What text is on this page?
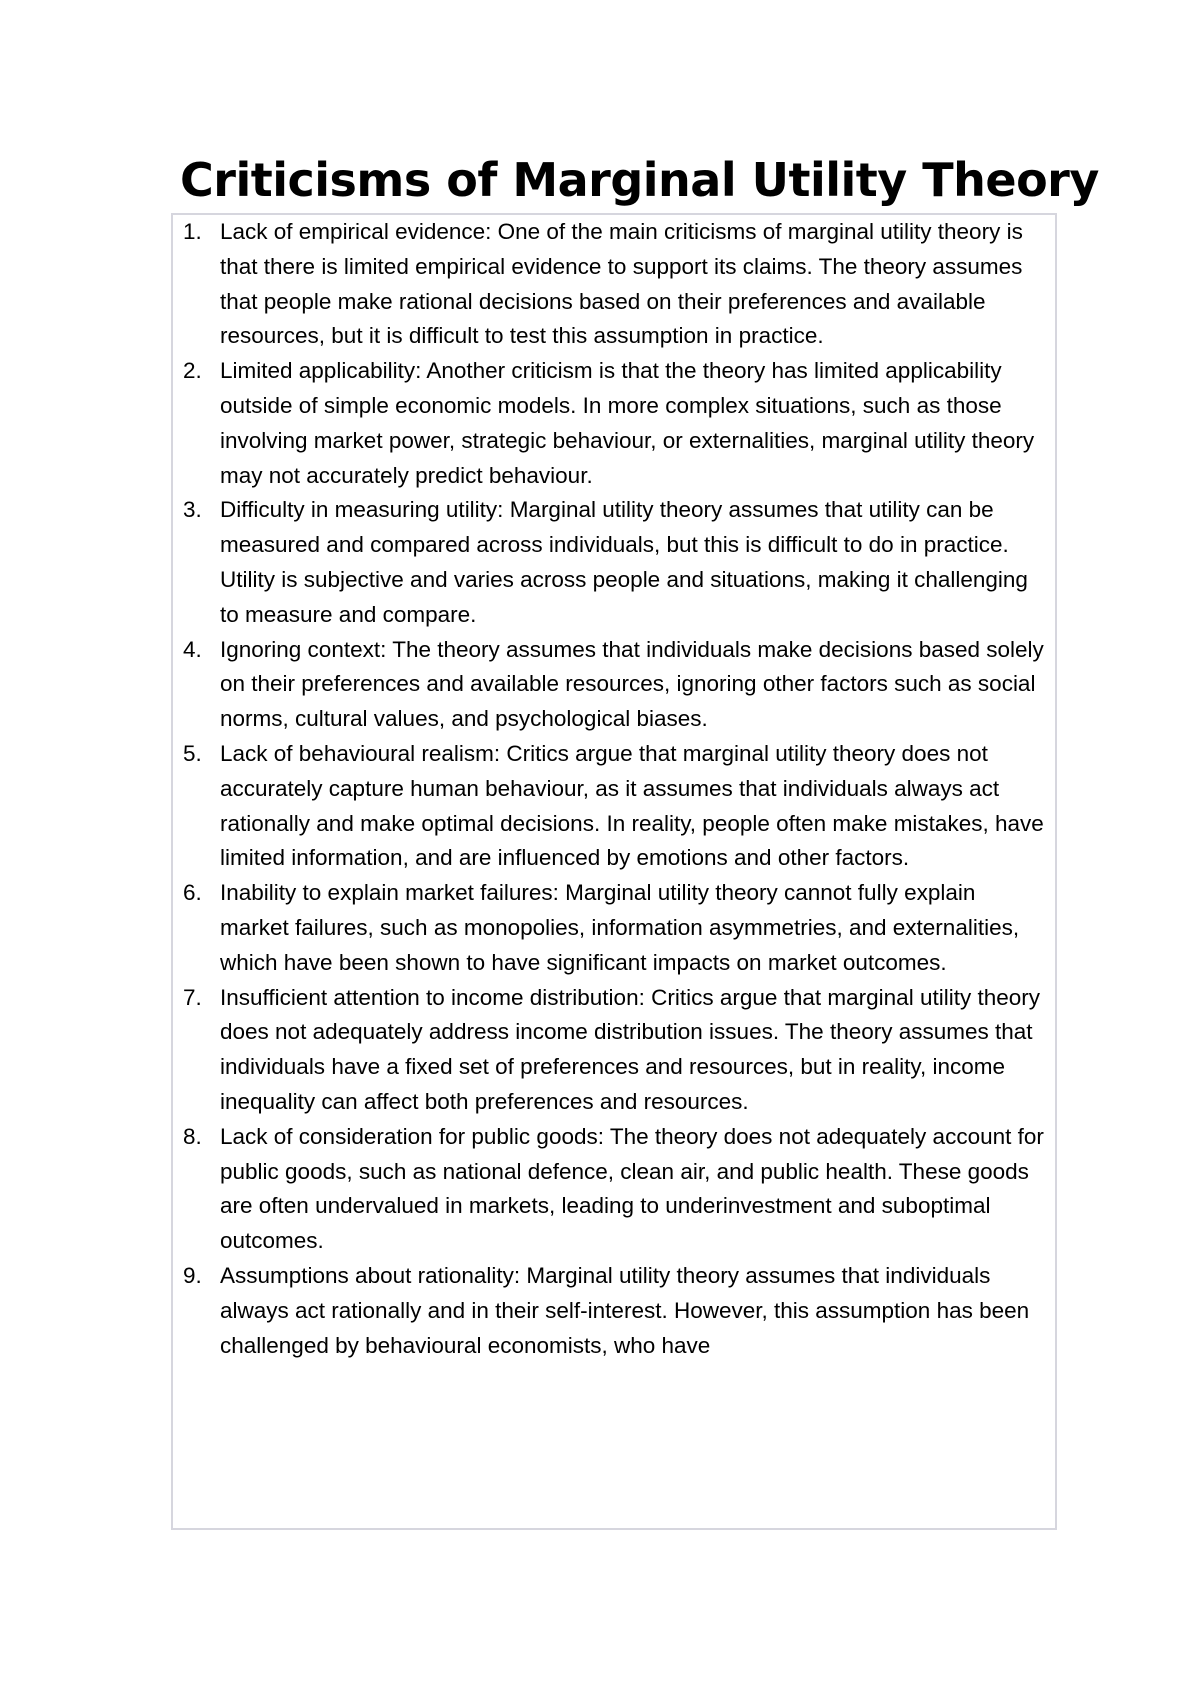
Criticisms of Marginal Utility Theory
1. Lack of empirical evidence: One of the main criticisms of marginal utility theory is that there is limited empirical evidence to support its claims. The theory assumes that people make rational decisions based on their preferences and available resources, but it is difficult to test this assumption in practice.
2. Limited applicability: Another criticism is that the theory has limited applicability outside of simple economic models. In more complex situations, such as those involving market power, strategic behaviour, or externalities, marginal utility theory may not accurately predict behaviour.
3. Difficulty in measuring utility: Marginal utility theory assumes that utility can be measured and compared across individuals, but this is difficult to do in practice. Utility is subjective and varies across people and situations, making it challenging to measure and compare.
4. Ignoring context: The theory assumes that individuals make decisions based solely on their preferences and available resources, ignoring other factors such as social norms, cultural values, and psychological biases.
5. Lack of behavioural realism: Critics argue that marginal utility theory does not accurately capture human behaviour, as it assumes that individuals always act rationally and make optimal decisions. In reality, people often make mistakes, have limited information, and are influenced by emotions and other factors.
6. Inability to explain market failures: Marginal utility theory cannot fully explain market failures, such as monopolies, information asymmetries, and externalities, which have been shown to have significant impacts on market outcomes.
7. Insufficient attention to income distribution: Critics argue that marginal utility theory does not adequately address income distribution issues. The theory assumes that individuals have a fixed set of preferences and resources, but in reality, income inequality can affect both preferences and resources.
8. Lack of consideration for public goods: The theory does not adequately account for public goods, such as national defence, clean air, and public health. These goods are often undervalued in markets, leading to underinvestment and suboptimal outcomes.
9. Assumptions about rationality: Marginal utility theory assumes that individuals always act rationally and in their self-interest. However, this assumption has been challenged by behavioural economists, who have
